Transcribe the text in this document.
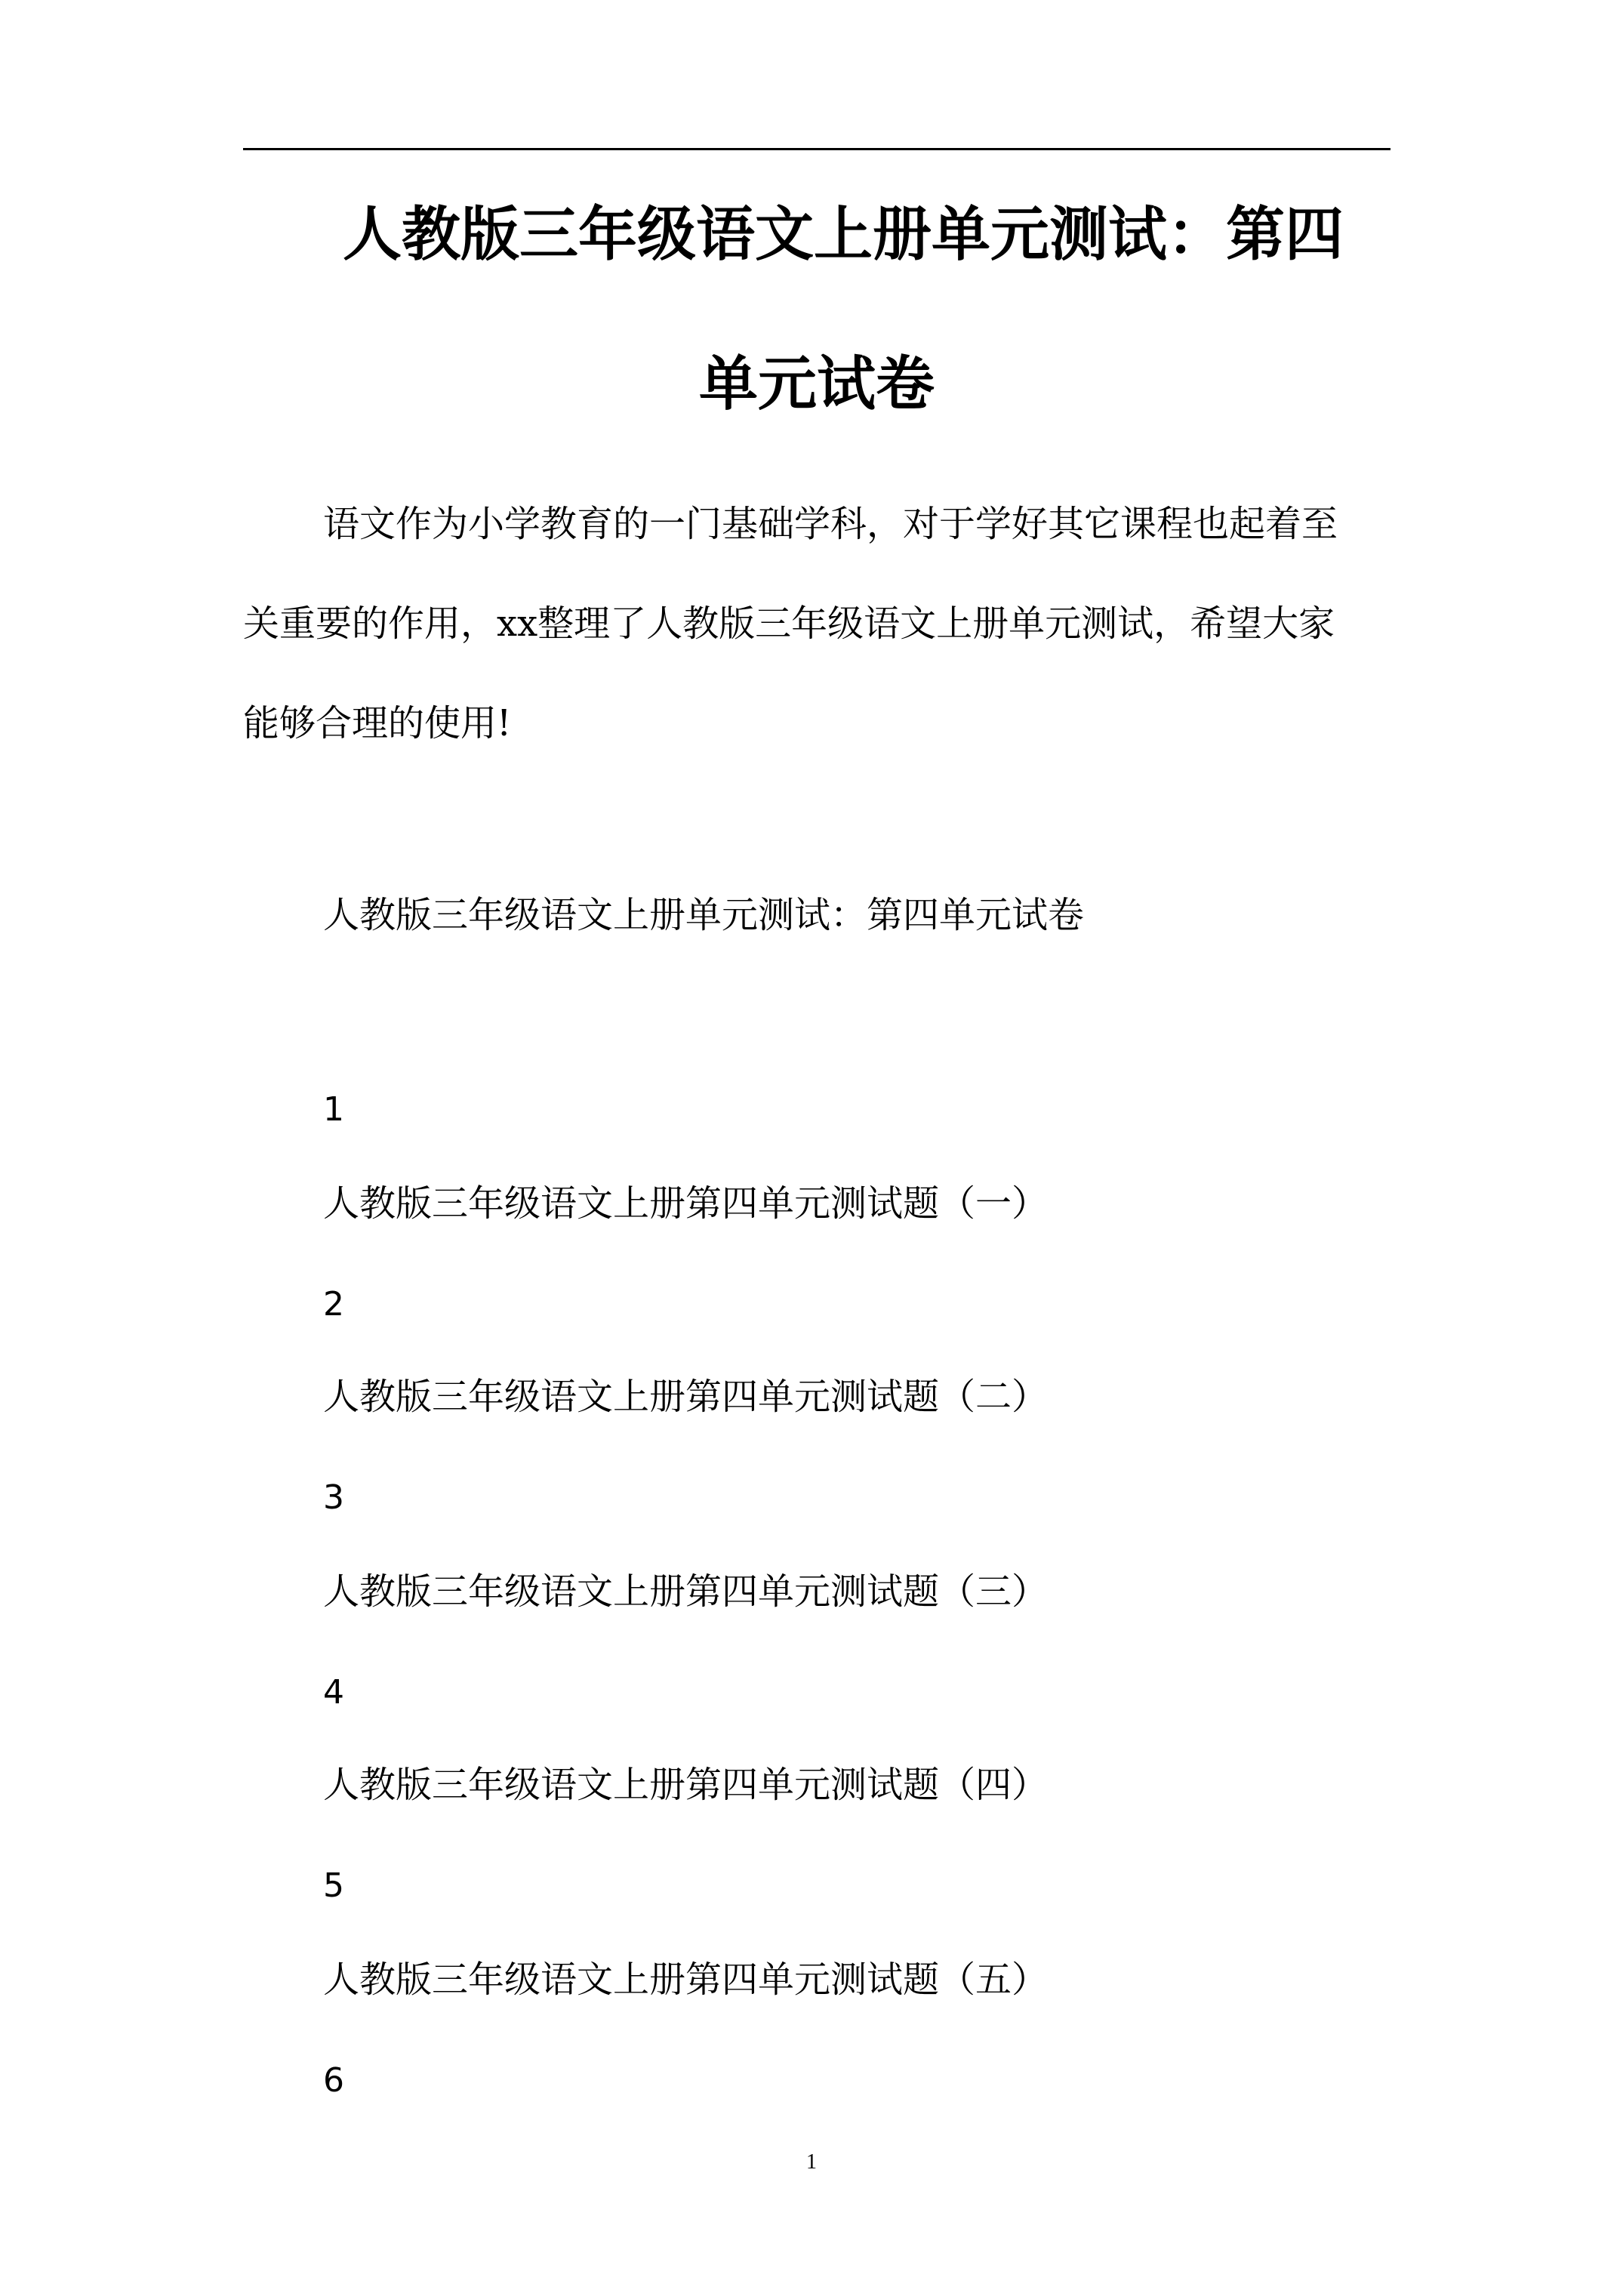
人教版三年级语文上册单元测试：第四
单元试卷
语文作为小学教育的一门基础学科，对于学好其它课程也起着至
关重要的作用，xx整理了人教版三年级语文上册单元测试，希望大家
能够合理的使用!
人教版三年级语文上册单元测试：第四单元试卷
1
人教版三年级语文上册第四单元测试题（一）
2
人教版三年级语文上册第四单元测试题（二）
3
人教版三年级语文上册第四单元测试题（三）
4
人教版三年级语文上册第四单元测试题（四）
5
人教版三年级语文上册第四单元测试题（五）
6
1
